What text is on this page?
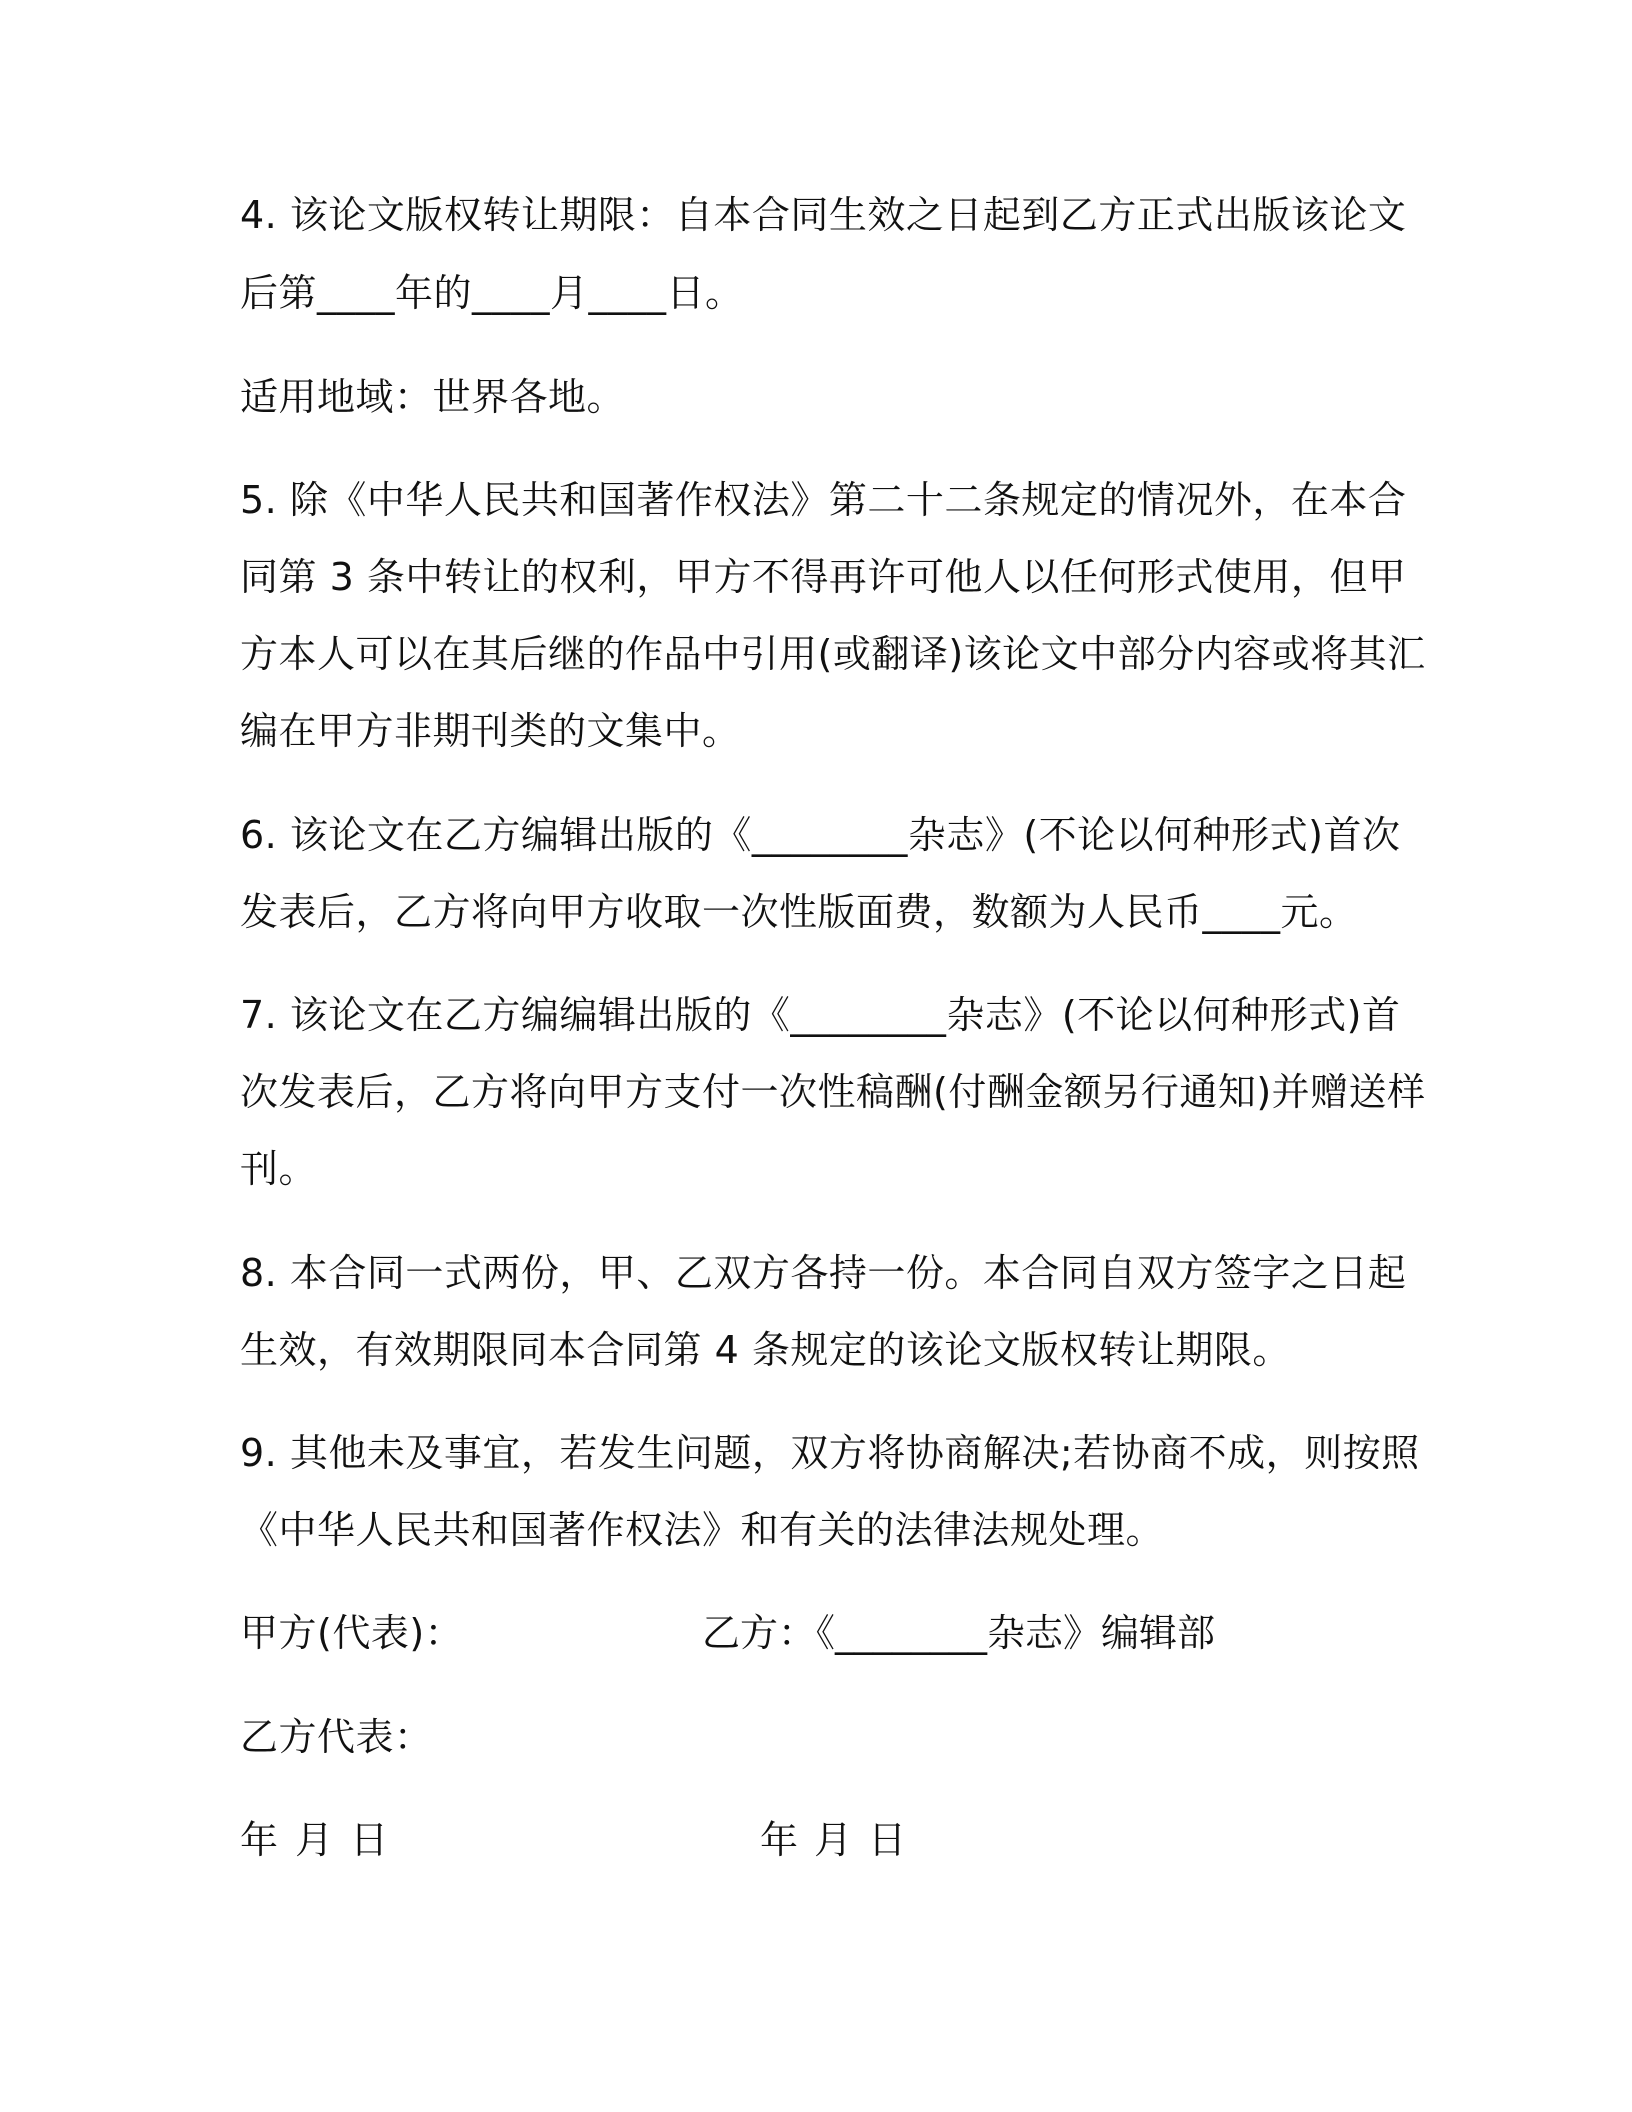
4. 该论文版权转让期限：自本合同生效之日起到乙方正式出版该论文
后第____年的____月____日。
适用地域：世界各地。
5. 除《中华人民共和国著作权法》第二十二条规定的情况外，在本合
同第 3 条中转让的权利，甲方不得再许可他人以任何形式使用，但甲
方本人可以在其后继的作品中引用(或翻译)该论文中部分内容或将其汇
编在甲方非期刊类的文集中。
6. 该论文在乙方编辑出版的《________杂志》(不论以何种形式)首次
发表后，乙方将向甲方收取一次性版面费，数额为人民币____元。
7. 该论文在乙方编编辑出版的《________杂志》(不论以何种形式)首
次发表后，乙方将向甲方支付一次性稿酬(付酬金额另行通知)并赠送样
刊。
8. 本合同一式两份，甲、乙双方各持一份。本合同自双方签字之日起
生效，有效期限同本合同第 4 条规定的该论文版权转让期限。
9. 其他未及事宜，若发生问题，双方将协商解决;若协商不成，则按照
《中华人民共和国著作权法》和有关的法律法规处理。
甲方(代表)：	乙方：《________杂志》编辑部
乙方代表：
年 月 日	年 月 日
